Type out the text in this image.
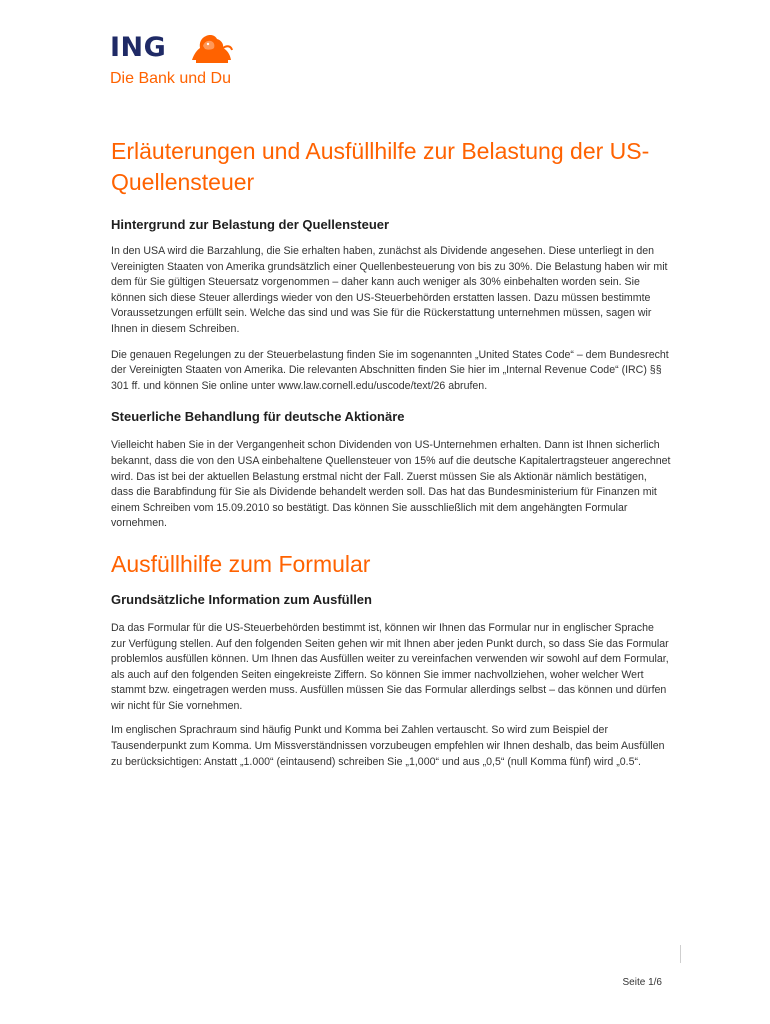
ING
Die Bank und Du
Erläuterungen und Ausfüllhilfe zur Belastung der US-Quellensteuer
Hintergrund zur Belastung der Quellensteuer

In den USA wird die Barzahlung, die Sie erhalten haben, zunächst als Dividende angesehen. Diese unterliegt in den Vereinigten Staaten von Amerika grundsätzlich einer Quellenbesteuerung von bis zu 30%. Die Belastung haben wir mit dem für Sie gültigen Steuersatz vorgenommen – daher kann auch weniger als 30% einbehalten worden sein. Sie können sich diese Steuer allerdings wieder von den US-Steuerbehörden erstatten lassen. Dazu müssen bestimmte Voraussetzungen erfüllt sein. Welche das sind und was Sie für die Rückerstattung unternehmen müssen, sagen wir Ihnen in diesem Schreiben.

Die genauen Regelungen zu der Steuerbelastung finden Sie im sogenannten „United States Code“ – dem Bundesrecht der Vereinigten Staaten von Amerika. Die relevanten Abschnitten finden Sie hier im „Internal Revenue Code“ (IRC) §§ 301 ff. und können Sie online unter www.law.cornell.edu/uscode/text/26 abrufen.

Steuerliche Behandlung für deutsche Aktionäre

Vielleicht haben Sie in der Vergangenheit schon Dividenden von US-Unternehmen erhalten. Dann ist Ihnen sicherlich bekannt, dass die von den USA einbehaltene Quellensteuer von 15% auf die deutsche Kapitalertragsteuer angerechnet wird. Das ist bei der aktuellen Belastung erstmal nicht der Fall. Zuerst müssen Sie als Aktionär nämlich bestätigen, dass die Barabfindung für Sie als Dividende behandelt werden soll. Das hat das Bundesministerium für Finanzen mit einem Schreiben vom 15.09.2010 so bestätigt. Das können Sie ausschließlich mit dem angehängten Formular vornehmen.

Ausfüllhilfe zum Formular
Grundsätzliche Information zum Ausfüllen

Da das Formular für die US-Steuerbehörden bestimmt ist, können wir Ihnen das Formular nur in englischer Sprache zur Verfügung stellen. Auf den folgenden Seiten gehen wir mit Ihnen aber jeden Punkt durch, so dass Sie das Formular problemlos ausfüllen können. Um Ihnen das Ausfüllen weiter zu vereinfachen verwenden wir sowohl auf dem Formular, als auch auf den folgenden Seiten eingekreiste Ziffern. So können Sie immer nachvollziehen, woher welcher Wert stammt bzw. eingetragen werden muss. Ausfüllen müssen Sie das Formular allerdings selbst – das können und dürfen wir nicht für Sie vornehmen.

Im englischen Sprachraum sind häufig Punkt und Komma bei Zahlen vertauscht. So wird zum Beispiel der Tausenderpunkt zum Komma. Um Missverständnissen vorzubeugen empfehlen wir Ihnen deshalb, das beim Ausfüllen zu berücksichtigen: Anstatt „1.000“ (eintausend) schreiben Sie „1,000“ und aus „0,5“ (null Komma fünf) wird „0.5“.

Seite 1/6
